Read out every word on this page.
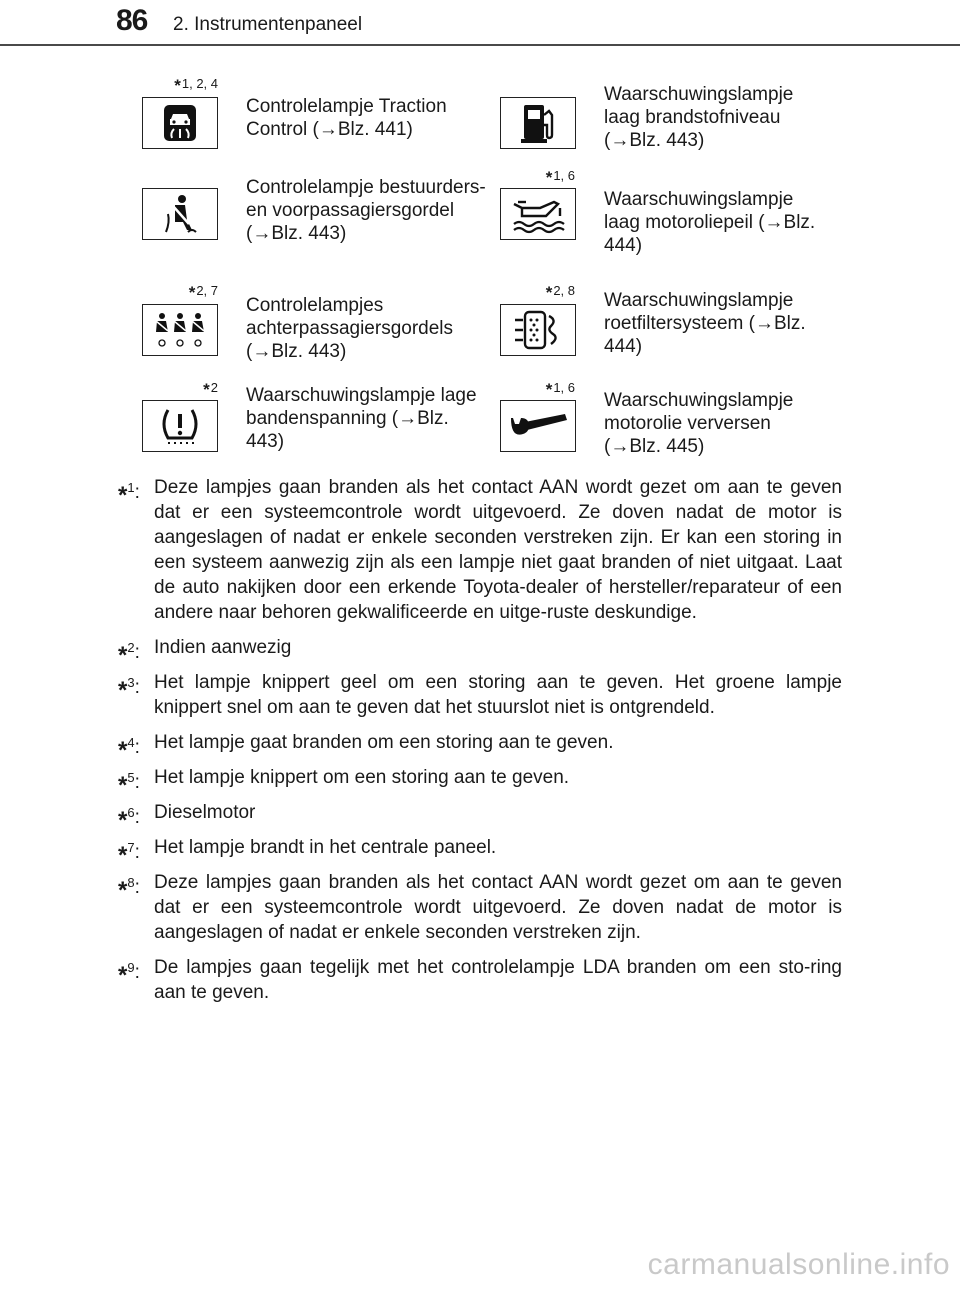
86 2. Instrumentenpaneel
*1, 2, 4
Controlelampje Traction Control (→Blz. 441)
Waarschuwingslampje laag brandstofniveau (→Blz. 443)
Controlelampje bestuurders- en voorpassagiersgordel (→Blz. 443)
*1, 6
Waarschuwingslampje laag motoroliepeil (→Blz. 444)
*2, 7
Controlelampjes achterpassagiersgordels (→Blz. 443)
*2, 8 Waarschuwingslampje roetfiltersysteem (→Blz. 444)
*2 Waarschuwingslampje lage bandenspanning (→Blz. 443)
*1, 6
Waarschuwingslampje motorolie verversen (→Blz. 445)
*$^1$: Deze lampjes gaan branden als het contact AAN wordt gezet om aan te geven dat er een systeemcontrole wordt uitgevoerd. Ze doven nadat de motor is aangeslagen of nadat er enkele seconden verstreken zijn. Er kan een storing in een systeem aanwezig zijn als een lampje niet gaat branden of niet uitgaat. Laat de auto nakijken door een erkende Toyota-dealer of hersteller/reparateur of een andere naar behoren gekwalificeerde en uitge-ruste deskundige.
*$^2$: Indien aanwezig
*$^3$: Het lampje knippert geel om een storing aan te geven. Het groene lampje knippert snel om aan te geven dat het stuurslot niet is ontgrendeld.
*$^4$: Het lampje gaat branden om een storing aan te geven.
*$^5$: Het lampje knippert om een storing aan te geven.
*$^6$: Dieselmotor
*$^7$: Het lampje brandt in het centrale paneel.
*$^8$: Deze lampjes gaan branden als het contact AAN wordt gezet om aan te geven dat er een systeemcontrole wordt uitgevoerd. Ze doven nadat de motor is aangeslagen of nadat er enkele seconden verstreken zijn.
*$^9$: De lampjes gaan tegelijk met het controlelampje LDA branden om een sto-ring aan te geven.
carmanualsonline.info
